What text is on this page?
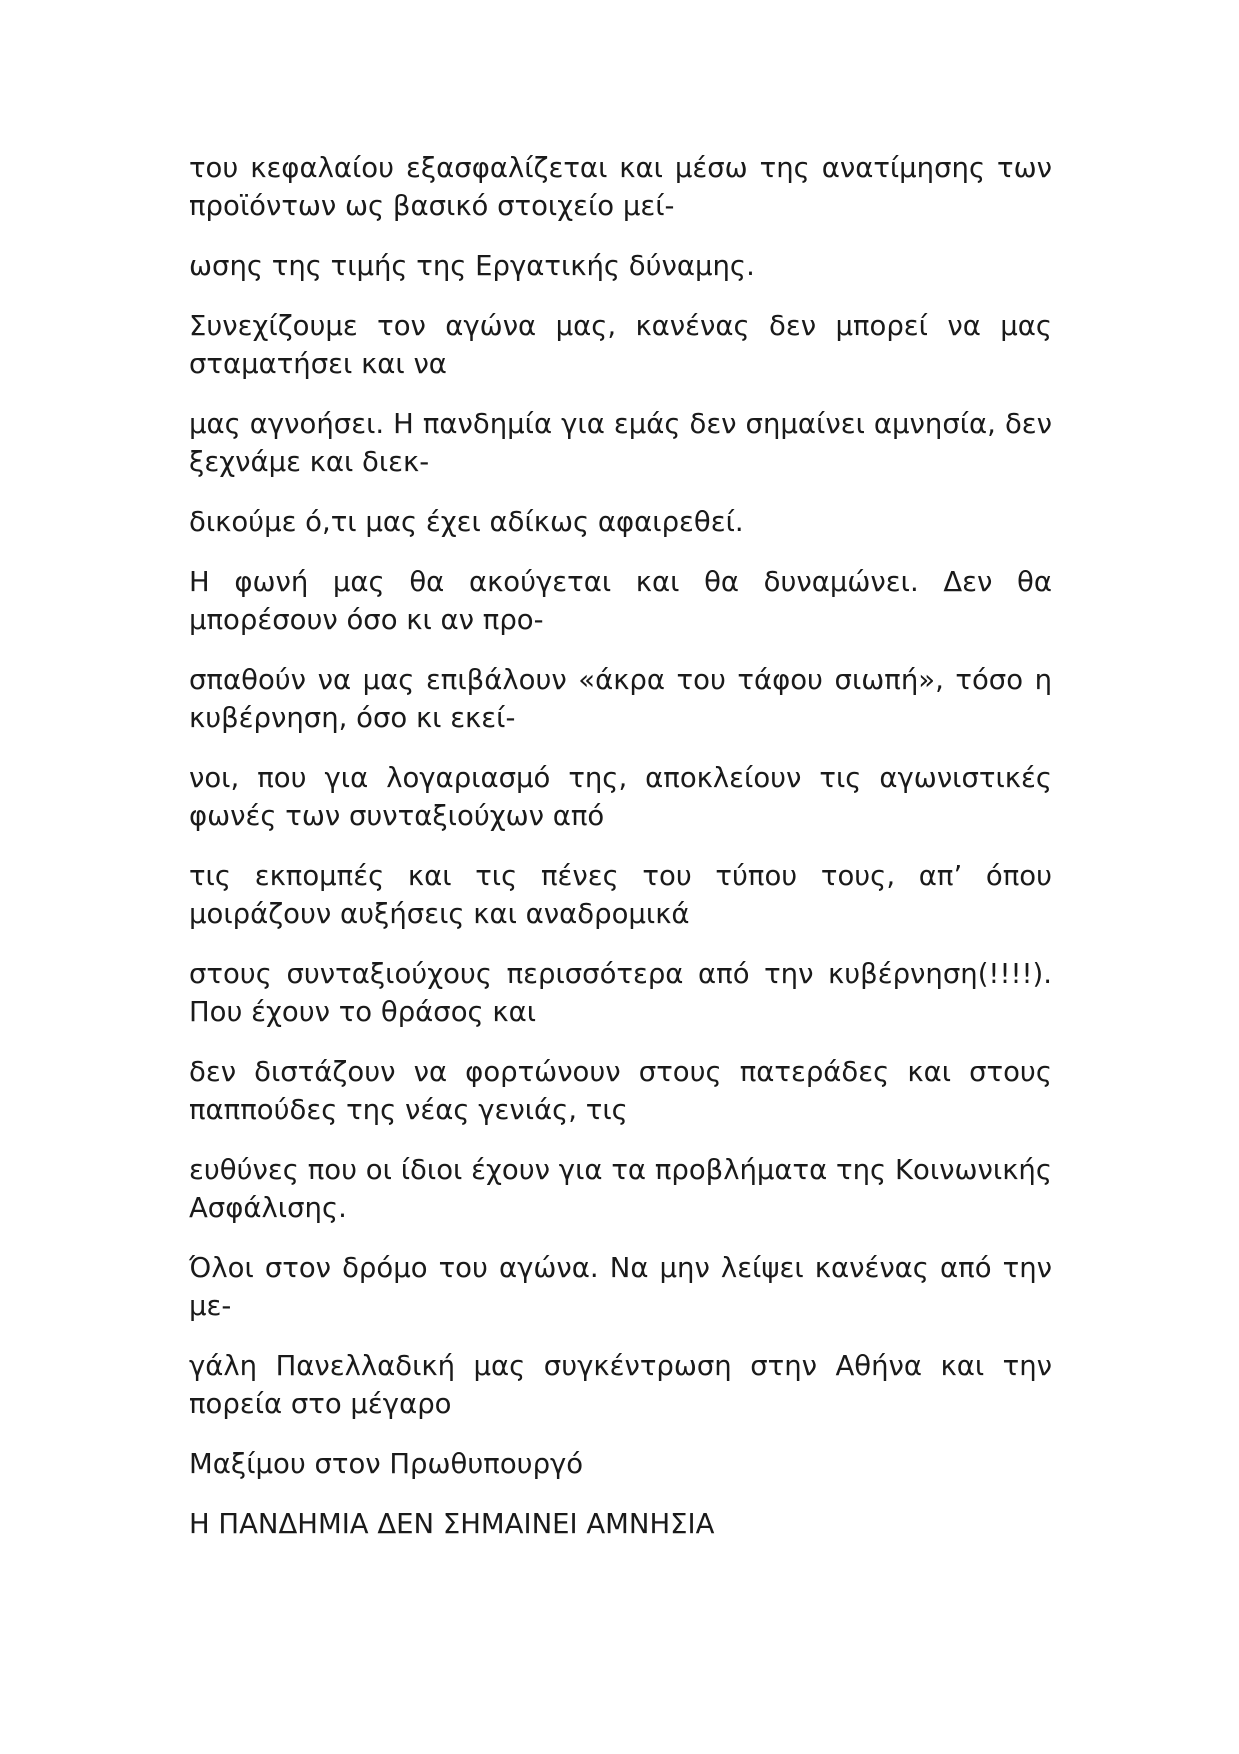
του κεφαλαίου εξασφαλίζεται και μέσω της ανατίμησης των προϊόντων ως βασικό στοιχείο μεί-

ωσης της τιμής της Εργατικής δύναμης.

Συνεχίζουμε τον αγώνα μας, κανένας δεν μπορεί να μας σταματήσει και να

μας αγνοήσει. Η πανδημία για εμάς δεν σημαίνει αμνησία, δεν ξεχνάμε και διεκ-

δικούμε ό,τι μας έχει αδίκως αφαιρεθεί.

Η φωνή μας θα ακούγεται και θα δυναμώνει. Δεν θα μπορέσουν όσο κι αν προ-

σπαθούν να μας επιβάλουν «άκρα του τάφου σιωπή», τόσο η κυβέρνηση, όσο κι εκεί-

νοι, που για λογαριασμό της, αποκλείουν τις αγωνιστικές φωνές των συνταξιούχων από

τις εκπομπές και τις πένες του τύπου τους, απ’ όπου μοιράζουν αυξήσεις και αναδρομικά

στους συνταξιούχους περισσότερα από την κυβέρνηση(!!!!). Που έχουν το θράσος και

δεν διστάζουν να φορτώνουν στους πατεράδες και στους παππούδες της νέας γενιάς, τις

ευθύνες που οι ίδιοι έχουν για τα προβλήματα της Κοινωνικής Ασφάλισης.

Όλοι στον δρόμο του αγώνα. Να μην λείψει κανένας από την με-

γάλη Πανελλαδική μας συγκέντρωση στην Αθήνα και την πορεία στο μέγαρο

Μαξίμου στον Πρωθυπουργό

Η ΠΑΝΔΗΜΙΑ ΔΕΝ ΣΗΜΑΙΝΕΙ ΑΜΝΗΣΙΑ
